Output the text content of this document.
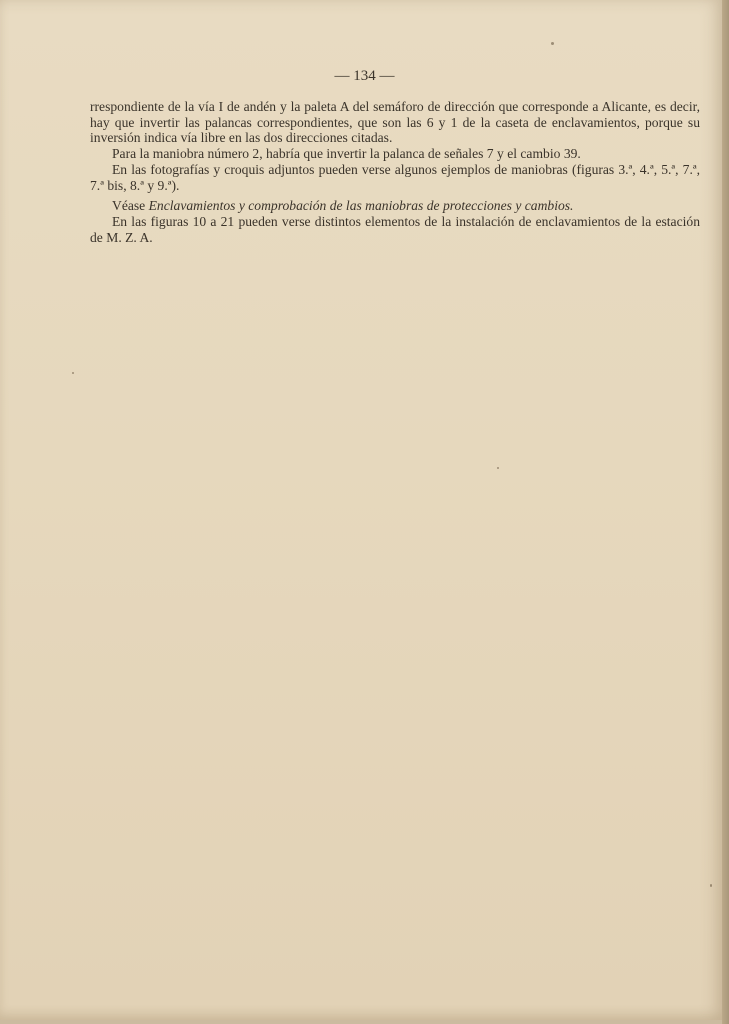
— 134 —

rrespondiente de la vía I de andén y la paleta A del semáforo de dirección que corresponde a Alicante, es decir, hay que invertir las palancas correspondientes, que son las 6 y 1 de la caseta de enclavamientos, porque su inversión indica vía libre en las dos direcciones citadas.

Para la maniobra número 2, habría que invertir la palanca de señales 7 y el cambio 39.

En las fotografías y croquis adjuntos pueden verse algunos ejemplos de maniobras (figuras 3.ª, 4.ª, 5.ª, 7.ª, 7.ª bis, 8.ª y 9.ª).

Véase Enclavamientos y comprobación de las maniobras de protecciones y cambios.

En las figuras 10 a 21 pueden verse distintos elementos de la instalación de enclavamientos de la estación de M. Z. A.
